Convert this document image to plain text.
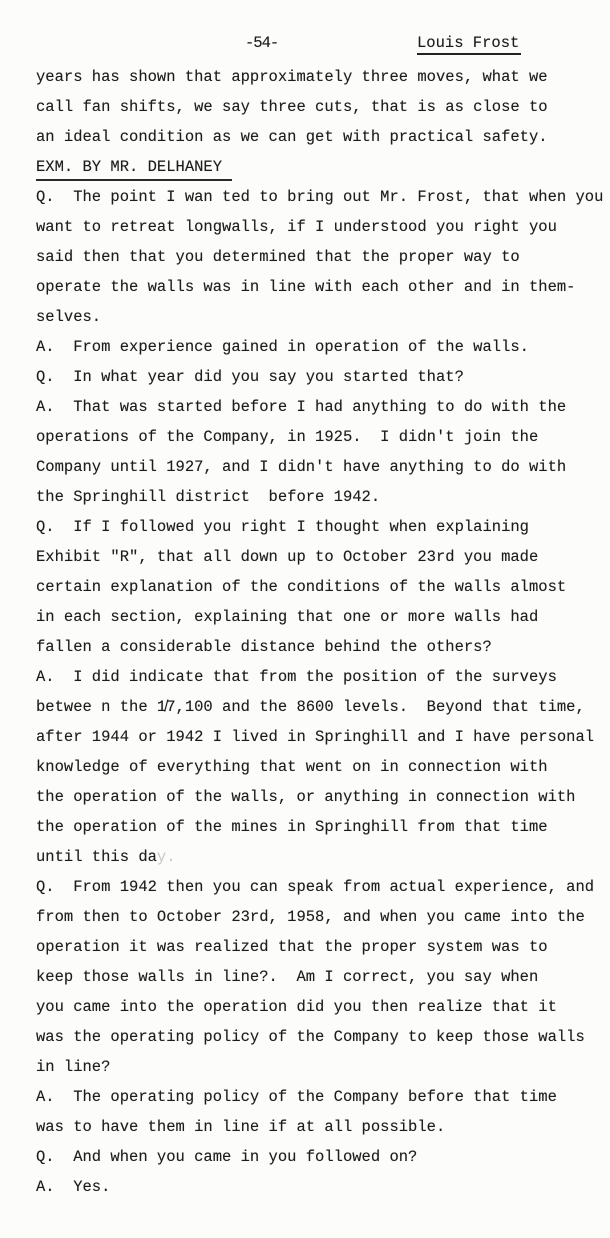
-54-	Louis Frost
years has shown that approximately three moves, what we
call fan shifts, we say three cuts, that is as close to
an ideal condition as we can get with practical safety.
EXM. BY MR. DELHANEY
Q.  The point I wan ted to bring out Mr. Frost, that when you
want to retreat longwalls, if I understood you right you
said then that you determined that the proper way to
operate the walls was in line with each other and in them-
selves.
A.  From experience gained in operation of the walls.
Q.  In what year did you say you started that?
A.  That was started before I had anything to do with the
operations of the Company, in 1925.  I didn't join the
Company until 1927, and I didn't have anything to do with
the Springhill district  before 1942.
Q.  If I followed you right I thought when explaining
Exhibit "R", that all down up to October 23rd you made
certain explanation of the conditions of the walls almost
in each section, explaining that one or more walls had
fallen a considerable distance behind the others?
A.  I did indicate that from the position of the surveys
betwee n the 1̸7,100 and the 8600 levels.  Beyond that time,
after 1944 or 1942 I lived in Springhill and I have personal
knowledge of everything that went on in connection with
the operation of the walls, or anything in connection with
the operation of the mines in Springhill from that time
until this day.
Q.  From 1942 then you can speak from actual experience, and
from then to October 23rd, 1958, and when you came into the
operation it was realized that the proper system was to
keep those walls in line?.  Am I correct, you say when
you came into the operation did you then realize that it
was the operating policy of the Company to keep those walls
in line?
A.  The operating policy of the Company before that time
was to have them in line if at all possible.
Q.  And when you came in you followed on?
A.  Yes.
